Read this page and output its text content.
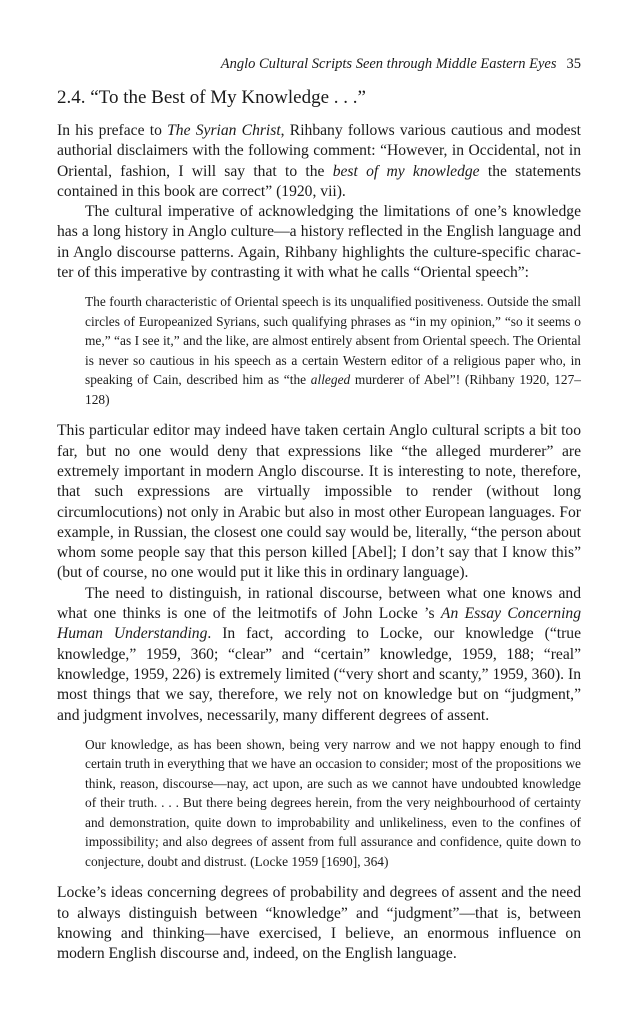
Anglo Cultural Scripts Seen through Middle Eastern Eyes 35
2.4. “To the Best of My Knowledge . . .”

In his preface to The Syrian Christ, Rihbany follows various cautious and modest authorial disclaimers with the following comment: “However, in Occidental, not in Oriental, fashion, I will say that to the best of my knowledge the statements contained in this book are correct” (1920, vii).

The cultural imperative of acknowledging the limitations of one’s knowledge has a long history in Anglo culture—a history reflected in the English language and in Anglo discourse patterns. Again, Rihbany highlights the culture-specific character of this imperative by contrasting it with what he calls “Oriental speech”:

The fourth characteristic of Oriental speech is its unqualified positiveness. Outside the small circles of Europeanized Syrians, such qualifying phrases as “in my opinion,” “so it seems o me,” “as I see it,” and the like, are almost entirely absent from Oriental speech. The Oriental is never so cautious in his speech as a certain Western editor of a religious paper who, in speaking of Cain, described him as “the alleged murderer of Abel”! (Rihbany 1920, 127–128)

This particular editor may indeed have taken certain Anglo cultural scripts a bit too far, but no one would deny that expressions like “the alleged murderer” are extremely important in modern Anglo discourse. It is interesting to note, therefore, that such expressions are virtually impossible to render (without long circumlocutions) not only in Arabic but also in most other European languages. For example, in Russian, the closest one could say would be, literally, “the person about whom some people say that this person killed [Abel]; I don’t say that I know this” (but of course, no one would put it like this in ordinary language).

The need to distinguish, in rational discourse, between what one knows and what one thinks is one of the leitmotifs of John Locke ’s An Essay Concerning Human Understanding. In fact, according to Locke, our knowledge (“true knowledge,” 1959, 360; “clear” and “certain” knowledge, 1959, 188; “real” knowledge, 1959, 226) is extremely limited (“very short and scanty,” 1959, 360). In most things that we say, therefore, we rely not on knowledge but on “judgment,” and judgment involves, necessarily, many different degrees of assent.

Our knowledge, as has been shown, being very narrow and we not happy enough to find certain truth in everything that we have an occasion to consider; most of the propositions we think, reason, discourse—nay, act upon, are such as we cannot have undoubted knowledge of their truth. . . . But there being degrees herein, from the very neighbourhood of certainty and demonstration, quite down to improbability and unlikeliness, even to the confines of impossibility; and also degrees of assent from full assurance and confidence, quite down to conjecture, doubt and distrust. (Locke 1959 [1690], 364)

Locke’s ideas concerning degrees of probability and degrees of assent and the need to always distinguish between “knowledge” and “judgment”—that is, between knowing and thinking—have exercised, I believe, an enormous influence on modern English discourse and, indeed, on the English language.
